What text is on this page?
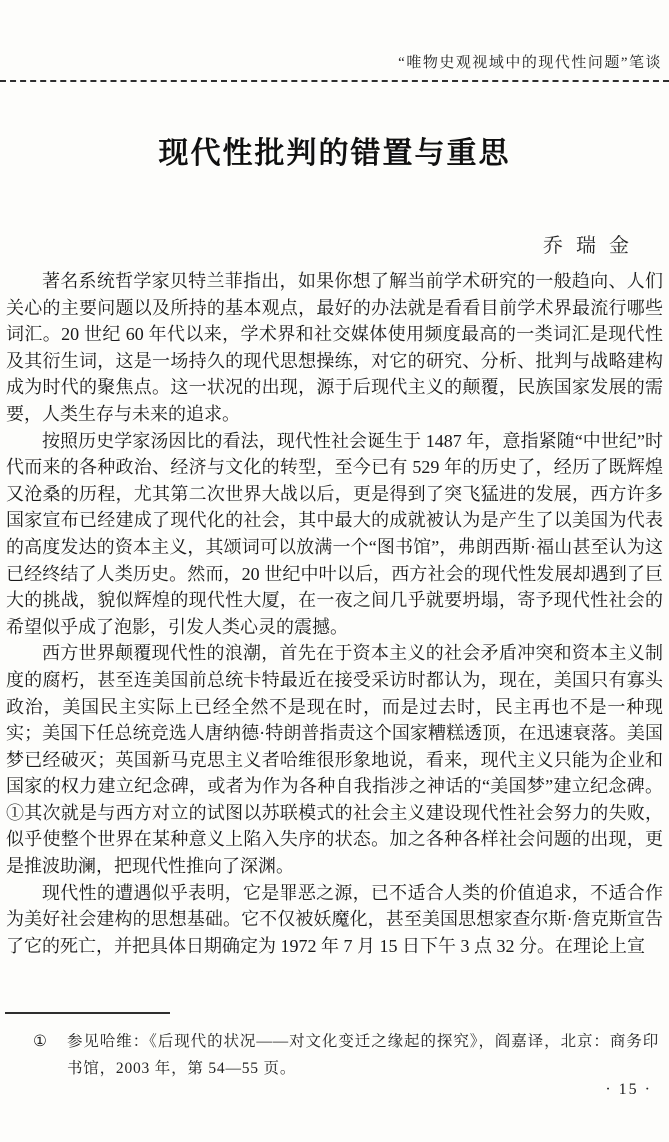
“唯物史观视域中的现代性问题”笔谈
现代性批判的错置与重思
乔 瑞 金

著名系统哲学家贝特兰菲指出，如果你想了解当前学术研究的一般趋向、人们关心的主要问题以及所持的基本观点，最好的办法就是看看目前学术界最流行哪些词汇。20 世纪 60 年代以来，学术界和社交媒体使用频度最高的一类词汇是现代性及其衍生词，这是一场持久的现代思想操练，对它的研究、分析、批判与战略建构成为时代的聚焦点。这一状况的出现，源于后现代主义的颠覆，民族国家发展的需要，人类生存与未来的追求。

按照历史学家汤因比的看法，现代性社会诞生于 1487 年，意指紧随“中世纪”时代而来的各种政治、经济与文化的转型，至今已有 529 年的历史了，经历了既辉煌又沧桑的历程，尤其第二次世界大战以后，更是得到了突飞猛进的发展，西方许多国家宣布已经建成了现代化的社会，其中最大的成就被认为是产生了以美国为代表的高度发达的资本主义，其颂词可以放满一个“图书馆”，弗朗西斯·福山甚至认为这已经终结了人类历史。然而，20 世纪中叶以后，西方社会的现代性发展却遇到了巨大的挑战，貌似辉煌的现代性大厦，在一夜之间几乎就要坍塌，寄予现代性社会的希望似乎成了泡影，引发人类心灵的震撼。

西方世界颠覆现代性的浪潮，首先在于资本主义的社会矛盾冲突和资本主义制度的腐朽，甚至连美国前总统卡特最近在接受采访时都认为，现在，美国只有寡头政治，美国民主实际上已经全然不是现在时，而是过去时，民主再也不是一种现实；美国下任总统竞选人唐纳德·特朗普指责这个国家糟糕透顶，在迅速衰落。美国梦已经破灭；英国新马克思主义者哈维很形象地说，看来，现代主义只能为企业和国家的权力建立纪念碑，或者为作为各种自我指涉之神话的“美国梦”建立纪念碑。①其次就是与西方对立的试图以苏联模式的社会主义建设现代性社会努力的失败，似乎使整个世界在某种意义上陷入失序的状态。加之各种各样社会问题的出现，更是推波助澜，把现代性推向了深渊。

现代性的遭遇似乎表明，它是罪恶之源，已不适合人类的价值追求，不适合作为美好社会建构的思想基础。它不仅被妖魔化，甚至美国思想家查尔斯·詹克斯宣告了它的死亡，并把具体日期确定为 1972 年 7 月 15 日下午 3 点 32 分。在理论上宣

①	参见哈维：《后现代的状况——对文化变迁之缘起的探究》，阎嘉译，北京：商务印书馆，2003 年，第 54—55 页。
· 15 ·
